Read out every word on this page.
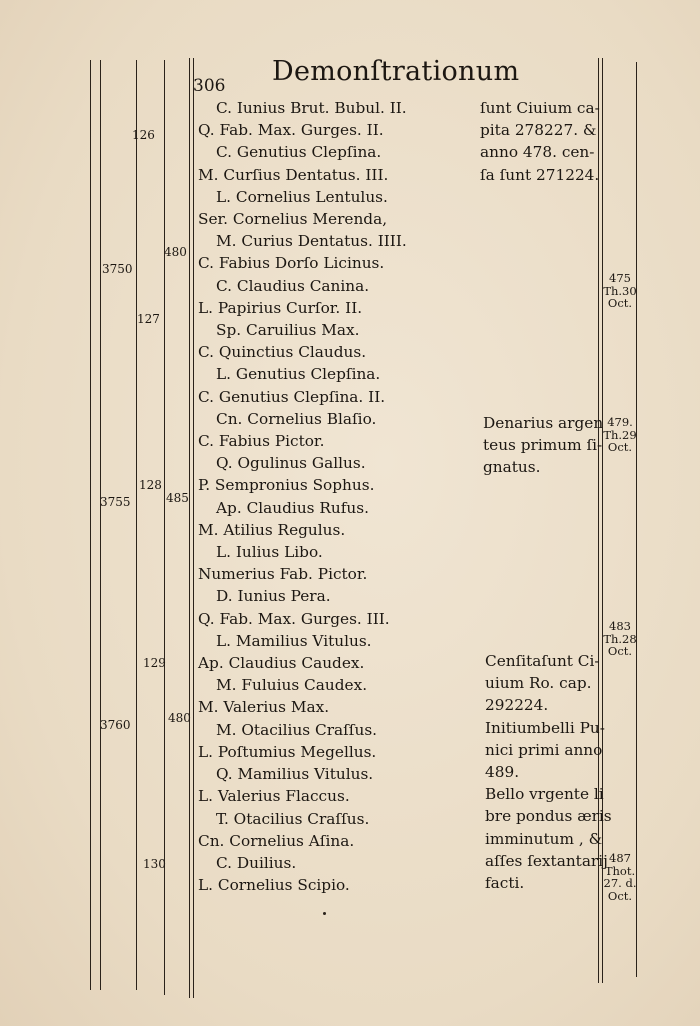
306 Demonſtrationum
C. Iunius Brut. Bubul. II.
Q. Fab. Max. Gurges. II.
C. Genutius Clepſina.
M. Curſius Dentatus. III.
L. Cornelius Lentulus.
Ser. Cornelius Merenda,
M. Curius Dentatus. IIII.
C. Fabius Dorſo Licinus.
C. Claudius Canina.
L. Papirius Curſor. II.
Sp. Caruilius Max.
C. Quinctius Claudus.
L. Genutius Clepſina.
C. Genutius Clepſina. II.
Cn. Cornelius Blaſio.
C. Fabius Pictor.
Q. Ogulinus Gallus.
P. Sempronius Sophus.
Ap. Claudius Rufus.
M. Atilius Regulus.
L. Iulius Libo.
Numerius Fab. Pictor.
D. Iunius Pera.
Q. Fab. Max. Gurges. III.
L. Mamilius Vitulus.
Ap. Claudius Caudex.
M. Fuluius Caudex.
M. Valerius Max.
M. Otacilius Craſſus.
L. Poſtumius Megellus.
Q. Mamilius Vitulus.
L. Valerius Flaccus.
T. Otacilius Craſſus.
Cn. Cornelius Aſina.
C. Duilius.
L. Cornelius Scipio.
3750
3755
3760
126
127
128
129
130
480
485
480
ſunt Ciuium ca-
pita 278227. &
anno 478. cen-
ſa ſunt 271224.
Denarius argen
teus primum ſi-
gnatus.
Cenſitaſunt Ci-
uium Ro. cap.
292224.
Initiumbelli Pu-
nici primi anno
489.
Bello vrgente li
bre pondus æris
imminutum , &
aſſes ſextantarij
facti.
475
Th.30
Oct.
479.
Th.29
Oct.
483
Th.28
Oct.
487
Thot.
27. d.
Oct.
